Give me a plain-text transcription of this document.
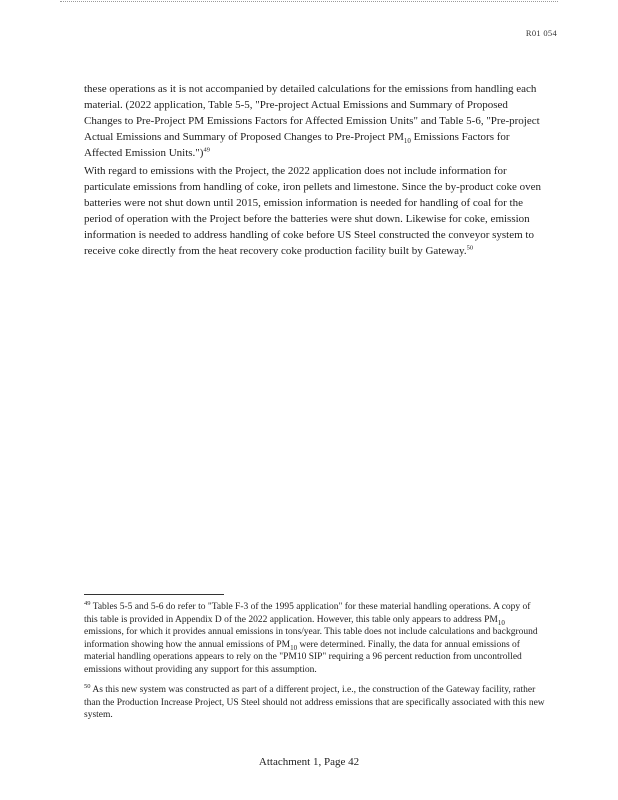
R01 054

these operations as it is not accompanied by detailed calculations for the emissions from handling each material. (2022 application, Table 5-5, "Pre-project Actual Emissions and Summary of Proposed Changes to Pre-Project PM Emissions Factors for Affected Emission Units" and Table 5-6, "Pre-project Actual Emissions and Summary of Proposed Changes to Pre-Project $PM_{10}$ Emissions Factors for Affected Emission Units.")$^{49}$

With regard to emissions with the Project, the 2022 application does not include information for particulate emissions from handling of coke, iron pellets and limestone. Since the by-product coke oven batteries were not shut down until 2015, emission information is needed for handling of coal for the period of operation with the Project before the batteries were shut down. Likewise for coke, emission information is needed to address handling of coke before US Steel constructed the conveyor system to receive coke directly from the heat recovery coke production facility built by Gateway.$^{50}$

$^{49}$ Tables 5-5 and 5-6 do refer to "Table F-3 of the 1995 application" for these material handling operations. A copy of this table is provided in Appendix D of the 2022 application. However, this table only appears to address $PM_{10}$ emissions, for which it provides annual emissions in tons/year. This table does not include calculations and background information showing how the annual emissions of $PM_{10}$ were determined. Finally, the data for annual emissions of material handling operations appears to rely on the "PM10 SIP" requiring a 96 percent reduction from uncontrolled emissions without providing any support for this assumption.

$^{50}$ As this new system was constructed as part of a different project, i.e., the construction of the Gateway facility, rather than the Production Increase Project, US Steel should not address emissions that are specifically associated with this new system.

Attachment 1, Page 42
